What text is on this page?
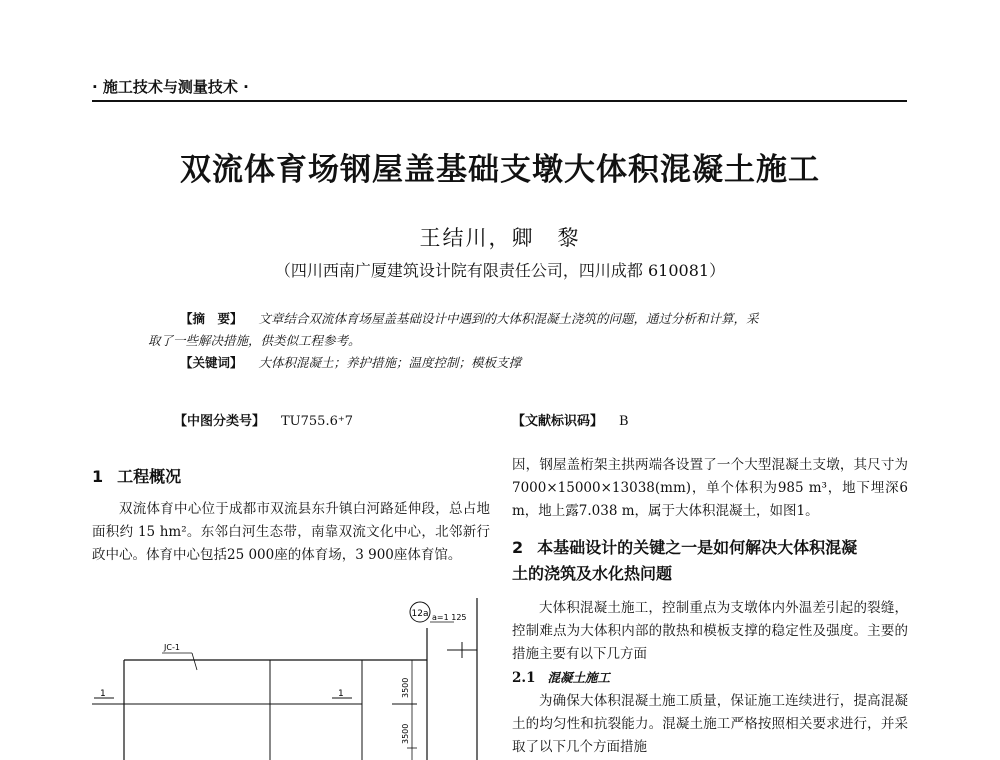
· 施工技术与测量技术 ·
双流体育场钢屋盖基础支墩大体积混凝土施工
王结川，卿　黎
（四川西南广厦建筑设计院有限责任公司，四川成都 610081）
【摘　要】 文章结合双流体育场屋盖基础设计中遇到的大体积混凝土浇筑的问题，通过分析和计算，采
取了一些解决措施，供类似工程参考。
【关键词】 大体积混凝土；养护措施；温度控制；模板支撑
【中图分类号】 TU755.6⁺7	【文献标识码】 B
1 工程概况
双流体育中心位于成都市双流县东升镇白河路延伸段，总占地面积约 15 hm²。东邻白河生态带，南靠双流文化中心，北邻新行政中心。体育中心包括25 000座的体育场，3 900座体育馆。
12a a=1 125
JC-1
1	1	3500
3500
因，钢屋盖桁架主拱两端各设置了一个大型混凝土支墩，其尺寸为7000×15000×13038(mm)，单个体积为985 m³，地下埋深6 m，地上露7.038 m，属于大体积混凝土，如图1。
2 本基础设计的关键之一是如何解决大体积混凝
土的浇筑及水化热问题
大体积混凝土施工，控制重点为支墩体内外温差引起的裂缝，控制难点为大体积内部的散热和模板支撑的稳定性及强度。主要的措施主要有以下几方面
2.1 混凝土施工
为确保大体积混凝土施工质量，保证施工连续进行，提高混凝土的均匀性和抗裂能力。混凝土施工严格按照相关要求进行，并采取了以下几个方面措施
